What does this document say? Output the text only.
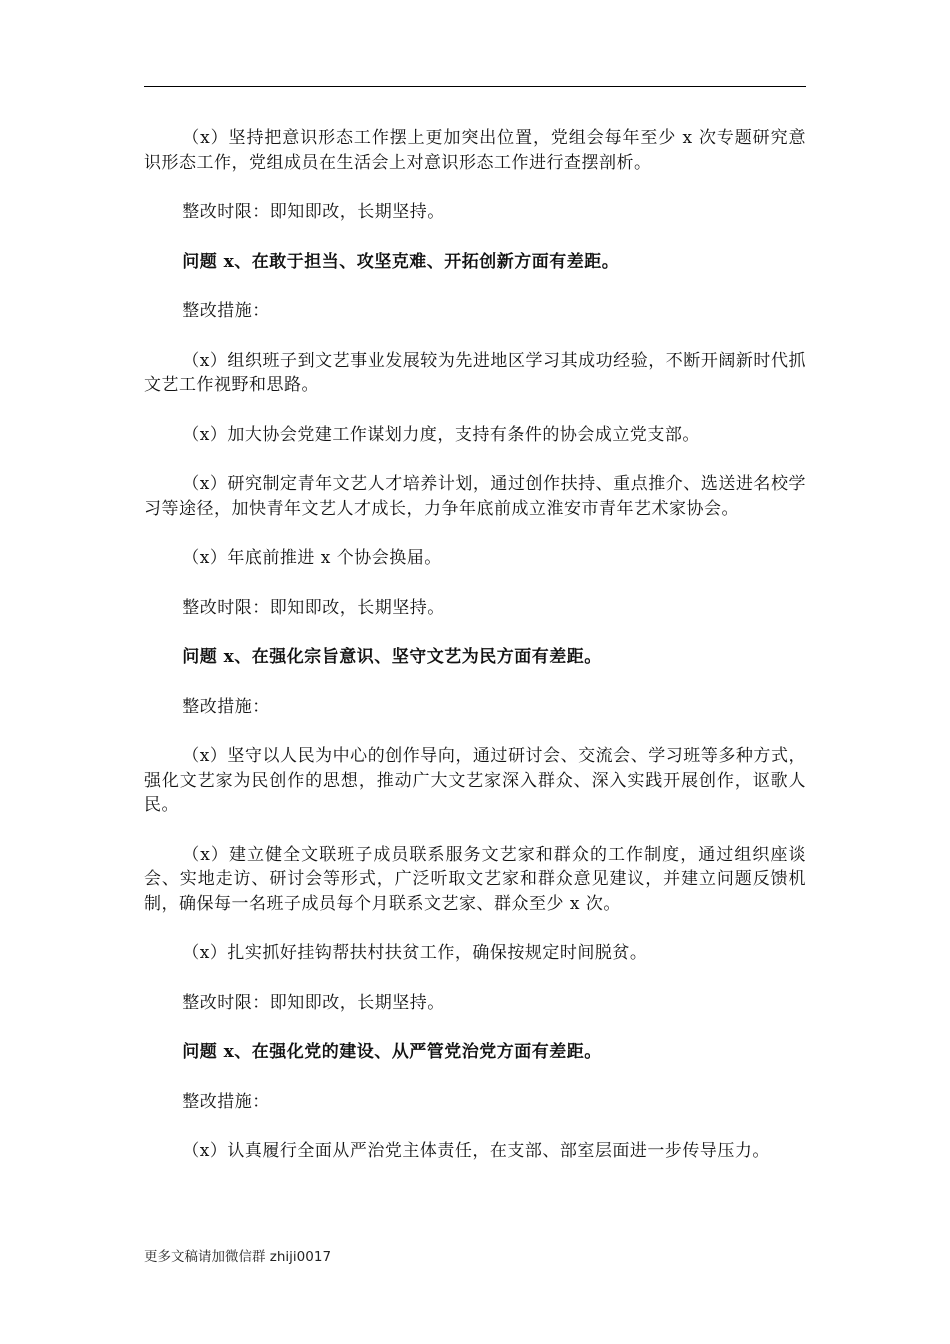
（x）坚持把意识形态工作摆上更加突出位置，党组会每年至少 x 次专题研究意识形态工作，党组成员在生活会上对意识形态工作进行查摆剖析。

整改时限：即知即改，长期坚持。

问题 x、在敢于担当、攻坚克难、开拓创新方面有差距。

整改措施：

（x）组织班子到文艺事业发展较为先进地区学习其成功经验，不断开阔新时代抓文艺工作视野和思路。

（x）加大协会党建工作谋划力度，支持有条件的协会成立党支部。

（x）研究制定青年文艺人才培养计划，通过创作扶持、重点推介、选送进名校学习等途径，加快青年文艺人才成长，力争年底前成立淮安市青年艺术家协会。

（x）年底前推进 x 个协会换届。

整改时限：即知即改，长期坚持。

问题 x、在强化宗旨意识、坚守文艺为民方面有差距。

整改措施：

（x）坚守以人民为中心的创作导向，通过研讨会、交流会、学习班等多种方式，强化文艺家为民创作的思想，推动广大文艺家深入群众、深入实践开展创作，讴歌人民。

（x）建立健全文联班子成员联系服务文艺家和群众的工作制度，通过组织座谈会、实地走访、研讨会等形式，广泛听取文艺家和群众意见建议，并建立问题反馈机制，确保每一名班子成员每个月联系文艺家、群众至少 x 次。

（x）扎实抓好挂钩帮扶村扶贫工作，确保按规定时间脱贫。

整改时限：即知即改，长期坚持。

问题 x、在强化党的建设、从严管党治党方面有差距。

整改措施：

（x）认真履行全面从严治党主体责任，在支部、部室层面进一步传导压力。

更多文稿请加微信群 zhiji0017
